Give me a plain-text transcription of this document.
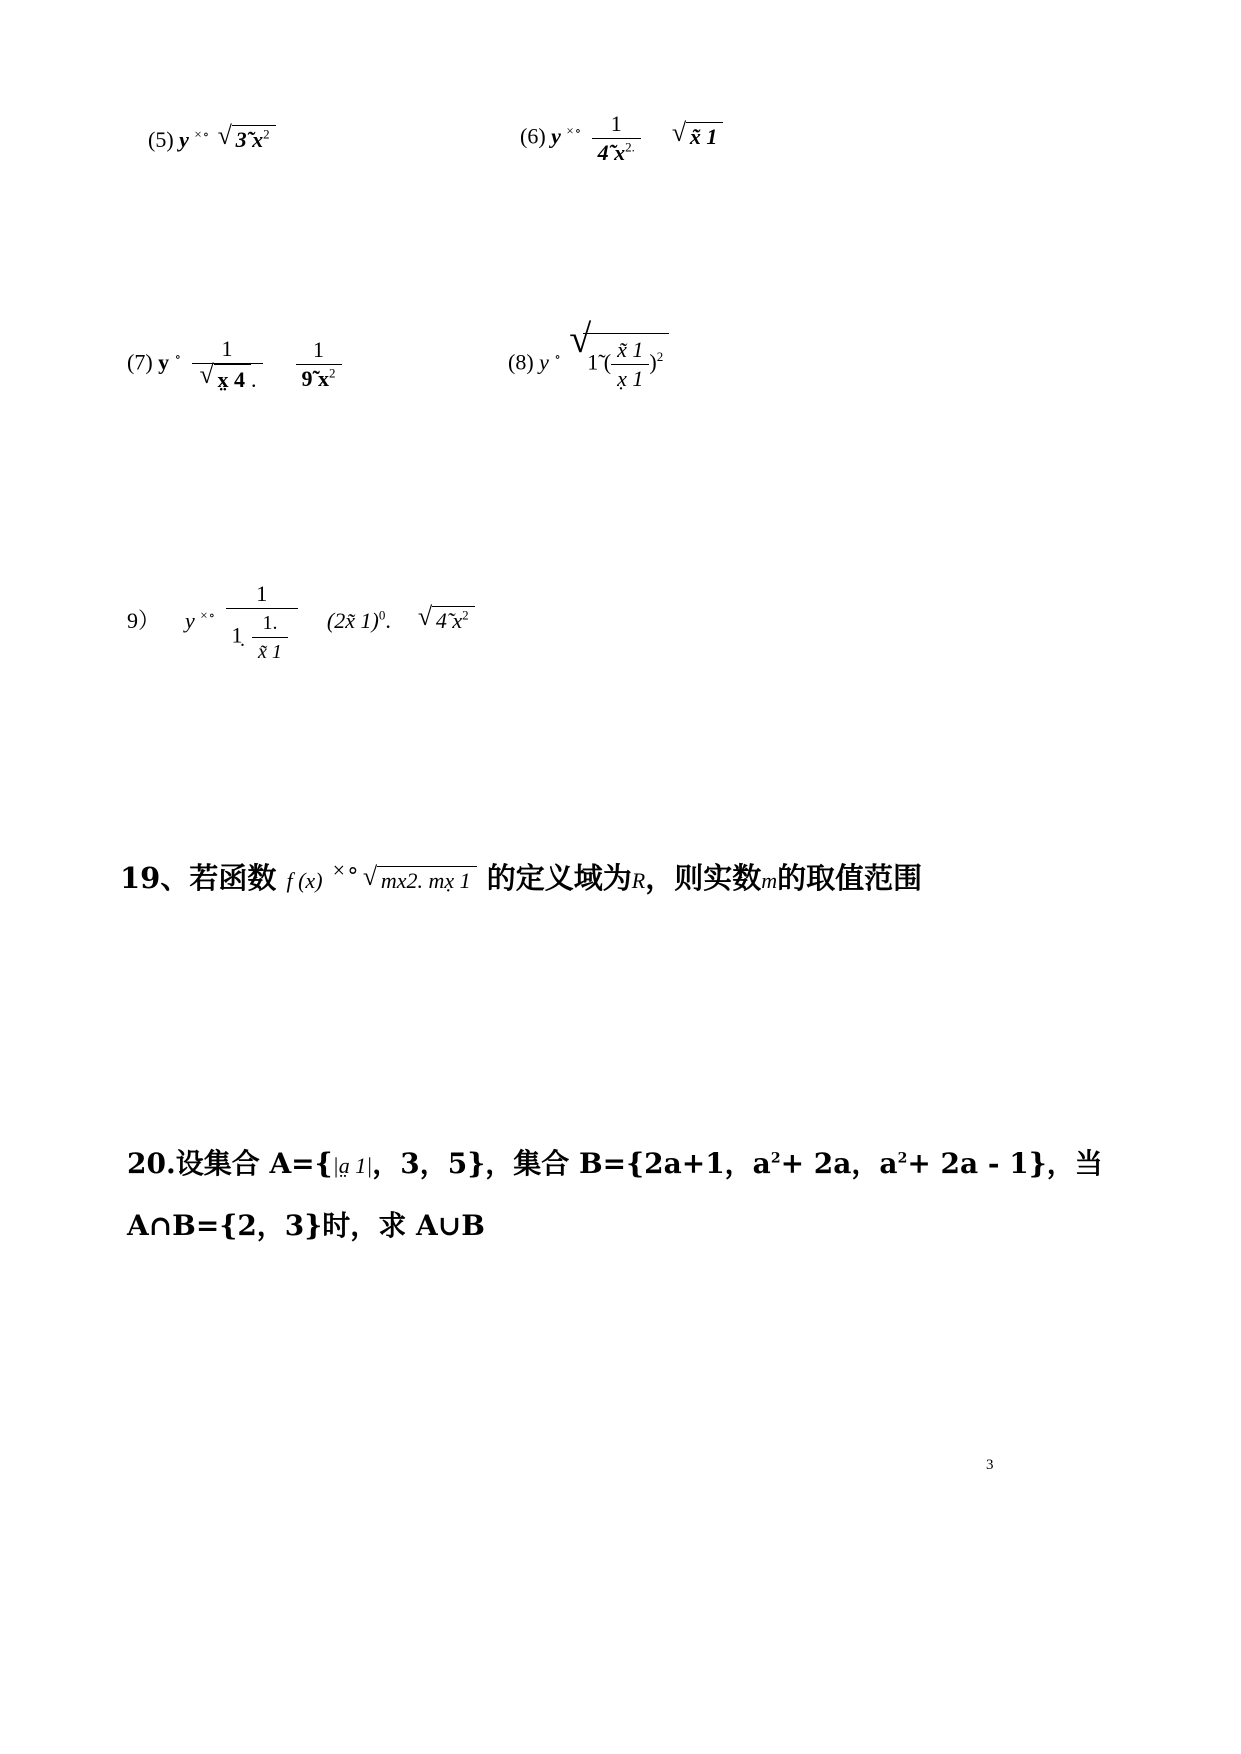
(5) y ×∘ √ 3̃ $x^2$	(6) y $^{\times\circ} \frac{1}{4̃ x^{2.}}$
√ x̃ 1
(7) y $^\circ \frac{1}{√ x̤ 4 .}$
$\frac{1}{9̃ x^2}$	(8) y ∘ √
1̃ ( $\frac{x̃ 1}{x̣ 1} )^2$
9） y $^{\times\circ} \frac{1}{1̣ \frac{1.}{x̃ 1}}$ (2x̃ 1)$^0$. √ 4̃ $x^2$
19、若函数 f (x) ×∘ √ mx2. mx̣ 1 的定义域为R，则实数m的取值范围
20.设集合 A={|a̤ 1|，3，5}，集合 B={2a+1，$a^2+ 2a$，$a^2+ 2a - 1$}，当
A∩B={2，3}时，求 A∪B
3
